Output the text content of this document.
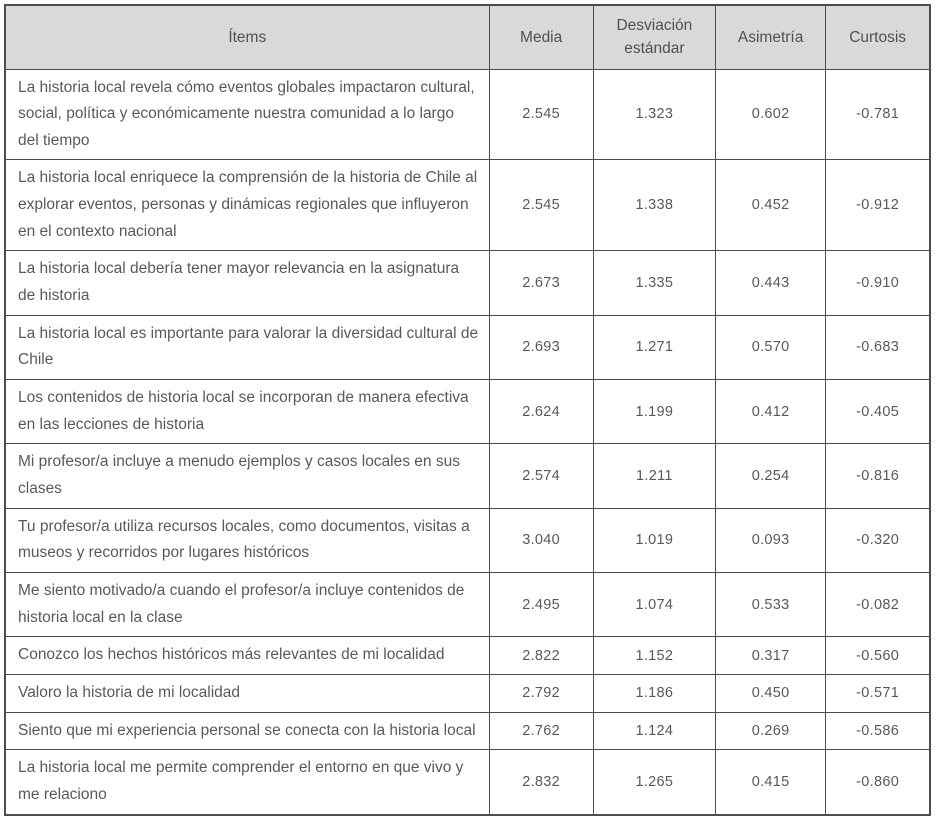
Ítems	Media	Desviación estándar	Asimetría	Curtosis
La historia local revela cómo eventos globales impactaron cultural, social, política y económicamente nuestra comunidad a lo largo del tiempo	2.545	1.323	0.602	-0.781
La historia local enriquece la comprensión de la historia de Chile al explorar eventos, personas y dinámicas regionales que influyeron en el contexto nacional	2.545	1.338	0.452	-0.912
La historia local debería tener mayor relevancia en la asignatura de historia	2.673	1.335	0.443	-0.910
La historia local es importante para valorar la diversidad cultural de Chile	2.693	1.271	0.570	-0.683
Los contenidos de historia local se incorporan de manera efectiva en las lecciones de historia	2.624	1.199	0.412	-0.405
Mi profesor/a incluye a menudo ejemplos y casos locales en sus clases	2.574	1.211	0.254	-0.816
Tu profesor/a utiliza recursos locales, como documentos, visitas a museos y recorridos por lugares históricos	3.040	1.019	0.093	-0.320
Me siento motivado/a cuando el profesor/a incluye contenidos de historia local en la clase	2.495	1.074	0.533	-0.082
Conozco los hechos históricos más relevantes de mi localidad	2.822	1.152	0.317	-0.560
Valoro la historia de mi localidad	2.792	1.186	0.450	-0.571
Siento que mi experiencia personal se conecta con la historia local	2.762	1.124	0.269	-0.586
La historia local me permite comprender el entorno en que vivo y me relaciono	2.832	1.265	0.415	-0.860
